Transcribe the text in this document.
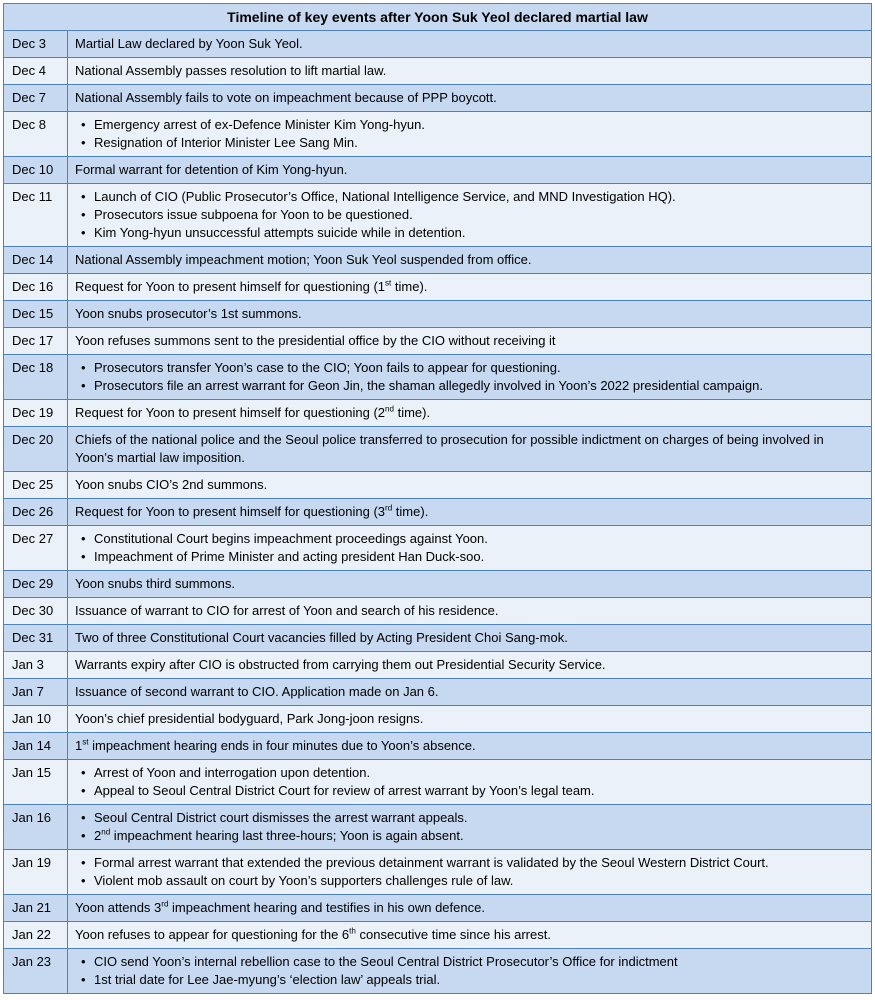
Timeline of key events after Yoon Suk Yeol declared martial law	
Dec 3	Martial Law declared by Yoon Suk Yeol.
Dec 4	National Assembly passes resolution to lift martial law.
Dec 7	National Assembly fails to vote on impeachment because of PPP boycott.
Dec 8	
•Emergency arrest of ex-Defence Minister Kim Yong-hyun.
• Resignation of Interior Minister Lee Sang Min.

Dec 10	Formal warrant for detention of Kim Yong-hyun.
Dec 11	
•Launch of CIO (Public Prosecutor’s Office, National Intelligence Service, and MND Investigation HQ).
• Prosecutors issue subpoena for Yoon to be questioned.
• Kim Yong-hyun unsuccessful attempts suicide while in detention.

Dec 14	National Assembly impeachment motion; Yoon Suk Yeol suspended from office.
Dec 16	Request for Yoon to present himself for questioning (1st time).
Dec 15	Yoon snubs prosecutor’s 1st summons.
Dec 17	Yoon refuses summons sent to the presidential office by the CIO without receiving it
Dec 18	
•Prosecutors transfer Yoon’s case to the CIO; Yoon fails to appear for questioning.
• Prosecutors file an arrest warrant for Geon Jin, the shaman allegedly involved in Yoon’s 2022 presidential campaign.

Dec 19	Request for Yoon to present himself for questioning (2nd time).
Dec 20	Chiefs of the national police and the Seoul police transferred to prosecution for possible indictment on charges of being involved in Yoon’s martial law imposition.
Dec 25	Yoon snubs CIO’s 2nd summons.
Dec 26	Request for Yoon to present himself for questioning (3rd time).
Dec 27	
•Constitutional Court begins impeachment proceedings against Yoon.
• Impeachment of Prime Minister and acting president Han Duck-soo.

Dec 29	Yoon snubs third summons.
Dec 30	Issuance of warrant to CIO for arrest of Yoon and search of his residence.
Dec 31	Two of three Constitutional Court vacancies filled by Acting President Choi Sang-mok.
Jan 3	Warrants expiry after CIO is obstructed from carrying them out Presidential Security Service.
Jan 7	Issuance of second warrant to CIO. Application made on Jan 6.
Jan 10	Yoon’s chief presidential bodyguard, Park Jong-joon resigns.
Jan 14	1st impeachment hearing ends in four minutes due to Yoon’s absence.
Jan 15	
•Arrest of Yoon and interrogation upon detention.
• Appeal to Seoul Central District Court for review of arrest warrant by Yoon’s legal team.

Jan 16	
•Seoul Central District court dismisses the arrest warrant appeals.
• 2nd impeachment hearing last three-hours; Yoon is again absent.

Jan 19	
•Formal arrest warrant that extended the previous detainment warrant is validated by the Seoul Western District Court.
• Violent mob assault on court by Yoon’s supporters challenges rule of law.

Jan 21	Yoon attends 3rd impeachment hearing and testifies in his own defence.
Jan 22	Yoon refuses to appear for questioning for the 6th consecutive time since his arrest.
Jan 23	
•CIO send Yoon’s internal rebellion case to the Seoul Central District Prosecutor’s Office for indictment
• 1st trial date for Lee Jae-myung’s ‘election law’ appeals trial.
